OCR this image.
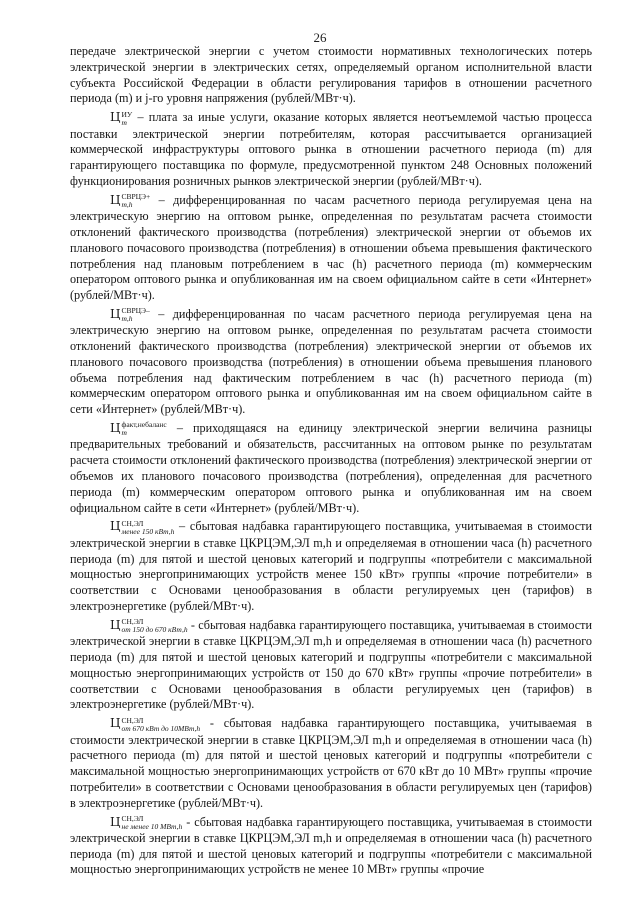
26

передаче электрической энергии с учетом стоимости нормативных технологических потерь электрической энергии в электрических сетях, определяемый органом исполнительной власти субъекта Российской Федерации в области регулирования тарифов в отношении расчетного периода (m) и j-го уровня напряжения (рублей/МВт·ч).

Ц ИУ
m – плата за иные услуги, оказание которых является неотъемлемой частью процесса поставки электрической энергии потребителям, которая рассчитывается организацией коммерческой инфраструктуры оптового рынка в отношении расчетного периода (m) для гарантирующего поставщика по формуле, предусмотренной пунктом 248 Основных положений функционирования розничных рынков электрической энергии (рублей/МВт·ч).

Ц СВРЦЭ+
m,h	– дифференцированная по часам расчетного периода регулируемая цена на электрическую энергию на оптовом рынке, определенная по результатам расчета стоимости отклонений фактического производства (потребления) электрической энергии от объемов их планового почасового производства (потребления) в отношении объема превышения фактического потребления над плановым потреблением в час (h) расчетного периода (m) коммерческим оператором оптового рынка и опубликованная им на своем официальном сайте в сети «Интернет» (рублей/МВт·ч).

Ц СВРЦЭ–
m,h	– дифференцированная по часам расчетного периода регулируемая цена на электрическую энергию на оптовом рынке, определенная по результатам расчета стоимости отклонений фактического производства (потребления) электрической энергии от объемов их планового почасового производства (потребления) в отношении объема превышения планового объема потребления над фактическим потреблением в час (h) расчетного периода (m) коммерческим оператором оптового рынка и опубликованная им на своем официальном сайте в сети «Интернет» (рублей/МВт·ч).

Ц факт,небаланс
m	– приходящаяся на единицу электрической энергии величина разницы предварительных требований и обязательств, рассчитанных на оптовом рынке по результатам расчета стоимости отклонений фактического производства (потребления) электрической энергии от объемов их планового почасового производства (потребления), определенная для расчетного периода (m) коммерческим оператором оптового рынка и опубликованная им на своем официальном сайте в сети «Интернет» (рублей/МВт·ч).

Ц СН,ЭЛ
менее 150 кВт,h – сбытовая надбавка гарантирующего поставщика, учитываемая в стоимости электрической энергии в ставке ЦКРЦЭМ,ЭЛ m,h и определяемая в отношении часа (h) расчетного периода (m) для пятой и шестой ценовых категорий и подгруппы «потребители с максимальной мощностью энергопринимающих устройств менее 150 кВт» группы «прочие потребители» в соответствии с Основами ценообразования в области регулируемых цен (тарифов) в электроэнергетике (рублей/МВт·ч).

Ц СН,ЭЛ
от 150 до 670 кВт,h - сбытовая надбавка гарантирующего поставщика, учитываемая в стоимости электрической энергии в ставке ЦКРЦЭМ,ЭЛ m,h и определяемая в отношении часа (h) расчетного периода (m) для пятой и шестой ценовых категорий и подгруппы «потребители с максимальной мощностью энергопринимающих устройств от 150 до 670 кВт» группы «прочие потребители» в соответствии с Основами ценообразования в области регулируемых цен (тарифов) в электроэнергетике (рублей/МВт·ч).

Ц СН,ЭЛ
от 670 кВт до 10МВт,h - сбытовая надбавка гарантирующего поставщика, учитываемая в стоимости электрической энергии в ставке ЦКРЦЭМ,ЭЛ m,h и определяемая в отношении часа (h) расчетного периода (m) для пятой и шестой ценовых категорий и подгруппы «потребители с максимальной мощностью энергопринимающих устройств от 670 кВт до 10 МВт» группы «прочие потребители» в соответствии с Основами ценообразования в области регулируемых цен (тарифов) в электроэнергетике (рублей/МВт·ч).

Ц СН,ЭЛ
не менее 10 МВт,h - сбытовая надбавка гарантирующего поставщика, учитываемая в стоимости электрической энергии в ставке ЦКРЦЭМ,ЭЛ m,h и определяемая в отношении часа (h) расчетного периода (m) для пятой и шестой ценовых категорий и подгруппы «потребители с максимальной мощностью энергопринимающих устройств не менее 10 МВт» группы «прочие
